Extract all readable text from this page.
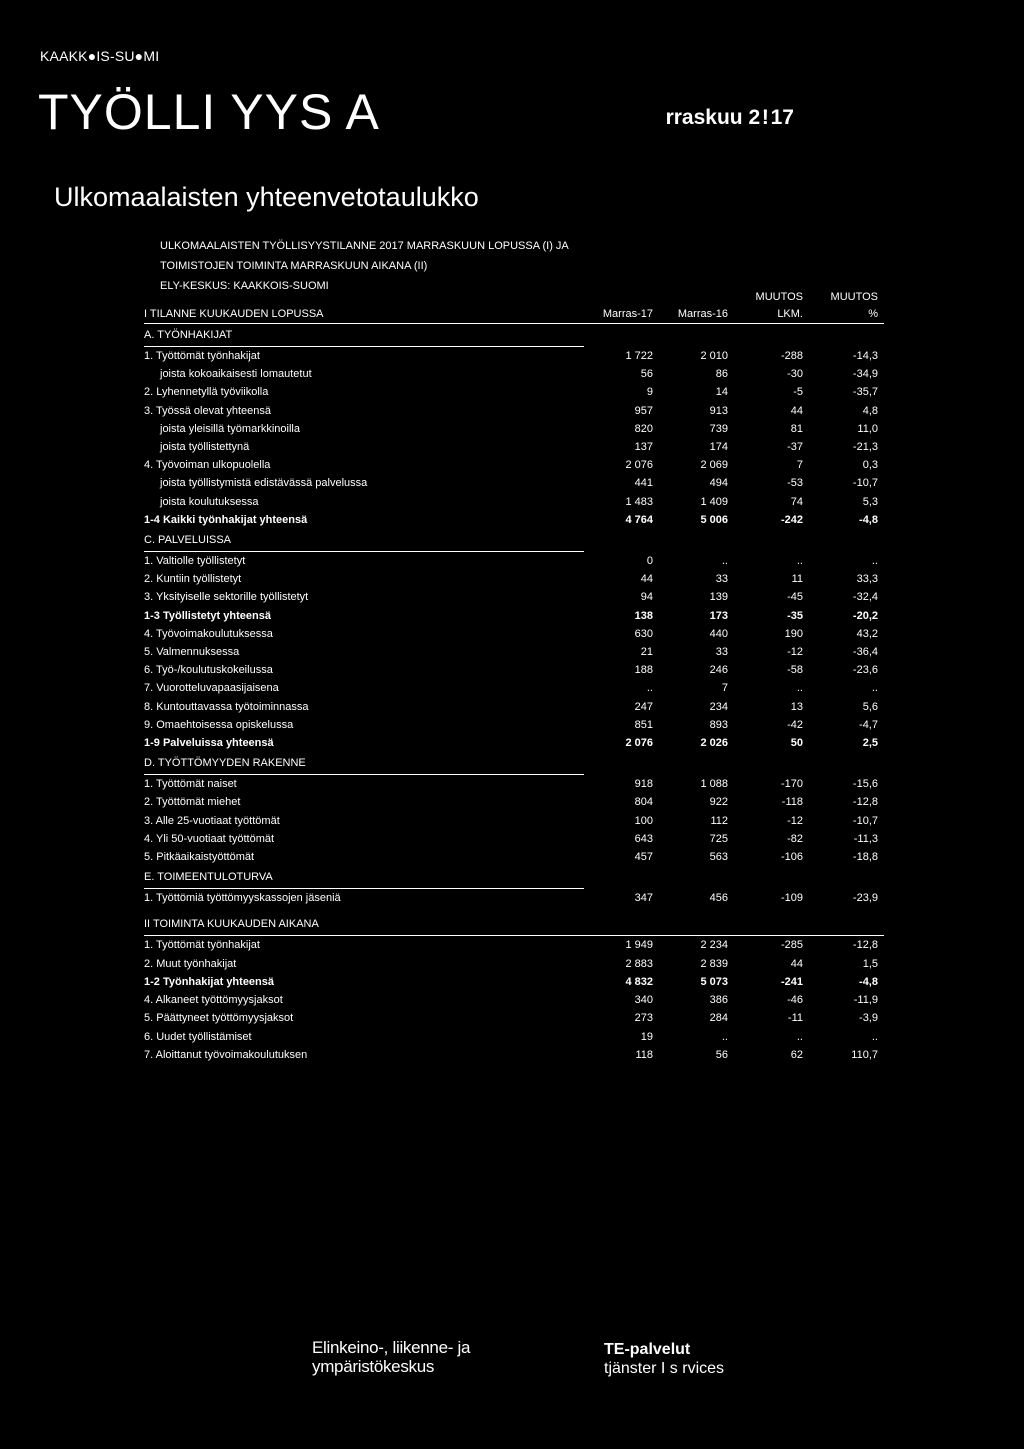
KAAKK●IS-SU●MI
TYÖLLI YYS A	rraskuu 2 ! 17
Ulkomaalaisten yhteenvetotaulukko
ULKOMAALAISTEN TYÖLLISYYSTILANNE 2017 MARRASKUUN LOPUSSA (I) JA
TOIMISTOJEN TOIMINTA MARRASKUUN AIKANA (II)
ELY-KESKUS: KAAKKOIS-SUOMI
			MUUTOS	MUUTOS
I TILANNE KUUKAUDEN LOPUSSA	Marras-17	Marras-16	LKM.	%
A. TYÖNHAKIJAT				
1. Työttömät työnhakijat	1 722	2 010	-288	-14,3
joista kokoaikaisesti lomautetut	56	86	-30	-34,9
2. Lyhennetyllä työviikolla	9	14	-5	-35,7
3. Työssä olevat yhteensä	957	913	44	4,8
joista yleisillä työmarkkinoilla	820	739	81	11,0
joista työllistettynä	137	174	-37	-21,3
4. Työvoiman ulkopuolella	2 076	2 069	7	0,3
joista työllistymistä edistävässä palvelussa	441	494	-53	-10,7
joista koulutuksessa	1 483	1 409	74	5,3
1-4 Kaikki työnhakijat yhteensä	4 764	5 006	-242	-4,8
C. PALVELUISSA				
1. Valtiolle työllistetyt	0	..	..	..
2. Kuntiin työllistetyt	44	33	11	33,3
3. Yksityiselle sektorille työllistetyt	94	139	-45	-32,4
1-3 Työllistetyt yhteensä	138	173	-35	-20,2
4. Työvoimakoulutuksessa	630	440	190	43,2
5. Valmennuksessa	21	33	-12	-36,4
6. Työ-/koulutuskokeilussa	188	246	-58	-23,6
7. Vuorotteluvapaasijaisena	..	7	..	..
8. Kuntouttavassa työtoiminnassa	247	234	13	5,6
9. Omaehtoisessa opiskelussa	851	893	-42	-4,7
1-9 Palveluissa yhteensä	2 076	2 026	50	2,5
D. TYÖTTÖMYYDEN RAKENNE				
1. Työttömät naiset	918	1 088	-170	-15,6
2. Työttömät miehet	804	922	-118	-12,8
3. Alle 25-vuotiaat työttömät	100	112	-12	-10,7
4. Yli 50-vuotiaat työttömät	643	725	-82	-11,3
5. Pitkäaikaistyöttömät	457	563	-106	-18,8
E. TOIMEENTULOTURVA				
1. Työttömiä työttömyyskassojen jäseniä	347	456	-109	-23,9

II TOIMINTA KUUKAUDEN AIKANA				
1. Työttömät työnhakijat	1 949	2 234	-285	-12,8
2. Muut työnhakijat	2 883	2 839	44	1,5
1-2 Työnhakijat yhteensä	4 832	5 073	-241	-4,8
4. Alkaneet työttömyysjaksot	340	386	-46	-11,9
5. Päättyneet työttömyysjaksot	273	284	-11	-3,9
6. Uudet työllistämiset	19	..	..	..
7. Aloittanut työvoimakoulutuksen	118	56	62	110,7
Elinkeino-, liikenne- ja
ympäristökeskus
TE-palvelut
tjänster I s rvices
